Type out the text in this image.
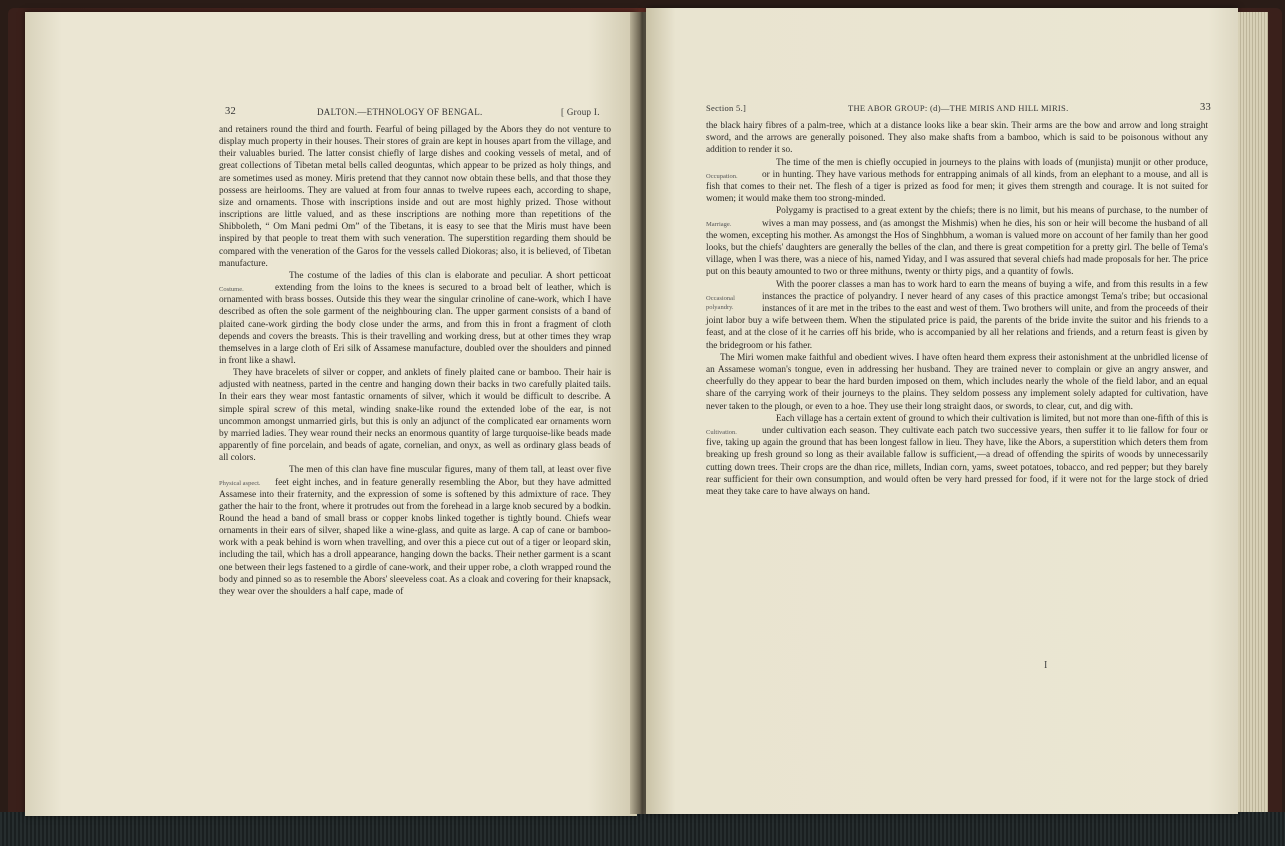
32	DALTON.—ETHNOLOGY OF BENGAL.	[ Group I.

and retainers round the third and fourth. Fearful of being pillaged by the Abors they do not venture to display much property in their houses. Their stores of grain are kept in houses apart from the village, and their valuables buried. The latter consist chiefly of large dishes and cooking vessels of metal, and of great collections of Tibetan metal bells called deoguntas, which appear to be prized as holy things, and are sometimes used as money. Miris pretend that they cannot now obtain these bells, and that those they possess are heirlooms. They are valued at from four annas to twelve rupees each, according to shape, size and ornaments. Those with inscriptions inside and out are most highly prized. Those without inscriptions are little valued, and as these inscriptions are nothing more than repetitions of the Shibboleth, “ Om Mani pedmi Om” of the Tibetans, it is easy to see that the Miris must have been inspired by that people to treat them with such veneration. The superstition regarding them should be compared with the veneration of the Garos for the vessels called Diokoras; also, it is believed, of Tibetan manufacture.

Costume.
The costume of the ladies of this clan is elaborate and peculiar. A short petticoat extending from the loins to the knees is secured to a broad belt of leather, which is ornamented with brass bosses. Outside this they wear the singular crinoline of cane-work, which I have described as often the sole garment of the neighbouring clan. The upper garment consists of a band of plaited cane-work girding the body close under the arms, and from this in front a fragment of cloth depends and covers the breasts. This is their travelling and working dress, but at other times they wrap themselves in a large cloth of Eri silk of Assamese manufacture, doubled over the shoulders and pinned in front like a shawl.

They have bracelets of silver or copper, and anklets of finely plaited cane or bamboo. Their hair is adjusted with neatness, parted in the centre and hanging down their backs in two carefully plaited tails. In their ears they wear most fantastic ornaments of silver, which it would be difficult to describe. A simple spiral screw of this metal, winding snake-like round the extended lobe of the ear, is not uncommon amongst unmarried girls, but this is only an adjunct of the complicated ear ornaments worn by married ladies. They wear round their necks an enormous quantity of large turquoise-like beads made apparently of fine porcelain, and beads of agate, cornelian, and onyx, as well as ordinary glass beads of all colors.

Physical aspect.
The men of this clan have fine muscular figures, many of them tall, at least over five feet eight inches, and in feature generally resembling the Abor, but they have admitted Assamese into their fraternity, and the expression of some is softened by this admixture of race. They gather the hair to the front, where it protrudes out from the forehead in a large knob secured by a bodkin. Round the head a band of small brass or copper knobs linked together is tightly bound. Chiefs wear ornaments in their ears of silver, shaped like a wine-glass, and quite as large. A cap of cane or bamboo-work with a peak behind is worn when travelling, and over this a piece cut out of a tiger or leopard skin, including the tail, which has a droll appearance, hanging down the backs. Their nether garment is a scant one between their legs fastened to a girdle of cane-work, and their upper robe, a cloth wrapped round the body and pinned so as to resemble the Abors' sleeveless coat. As a cloak and covering for their knapsack, they wear over the shoulders a half cape, made of

Section 5.]	THE ABOR GROUP: (d)—THE MIRIS AND HILL MIRIS.	33

the black hairy fibres of a palm-tree, which at a distance looks like a bear skin. Their arms are the bow and arrow and long straight sword, and the arrows are generally poisoned. They also make shafts from a bamboo, which is said to be poisonous without any addition to render it so.

Occupation.
The time of the men is chiefly occupied in journeys to the plains with loads of (munjista) munjit or other produce, or in hunting. They have various methods for entrapping animals of all kinds, from an elephant to a mouse, and all is fish that comes to their net. The flesh of a tiger is prized as food for men; it gives them strength and courage. It is not suited for women; it would make them too strong-minded.

Marriage.
Polygamy is practised to a great extent by the chiefs; there is no limit, but his means of purchase, to the number of wives a man may possess, and (as amongst the Mishmis) when he dies, his son or heir will become the husband of all the women, excepting his mother. As amongst the Hos of Singhbhum, a woman is valued more on account of her family than her good looks, but the chiefs' daughters are generally the belles of the clan, and there is great competition for a pretty girl. The belle of Tema's village, when I was there, was a niece of his, named Yiday, and I was assured that several chiefs had made proposals for her. The price put on this beauty amounted to two or three mithuns, twenty or thirty pigs, and a quantity of fowls.

Occasional polyandry.
With the poorer classes a man has to work hard to earn the means of buying a wife, and from this results in a few instances the practice of polyandry. I never heard of any cases of this practice amongst Tema's tribe; but occasional instances of it are met in the tribes to the east and west of them. Two brothers will unite, and from the proceeds of their joint labor buy a wife between them. When the stipulated price is paid, the parents of the bride invite the suitor and his friends to a feast, and at the close of it he carries off his bride, who is accompanied by all her relations and friends, and a return feast is given by the bridegroom or his father.

The Miri women make faithful and obedient wives. I have often heard them express their astonishment at the unbridled license of an Assamese woman's tongue, even in addressing her husband. They are trained never to complain or give an angry answer, and cheerfully do they appear to bear the hard burden imposed on them, which includes nearly the whole of the field labor, and an equal share of the carrying work of their journeys to the plains. They seldom possess any implement solely adapted for cultivation, have never taken to the plough, or even to a hoe. They use their long straight daos, or swords, to clear, cut, and dig with.

Cultivation.
Each village has a certain extent of ground to which their cultivation is limited, but not more than one-fifth of this is under cultivation each season. They cultivate each patch two successive years, then suffer it to lie fallow for four or five, taking up again the ground that has been longest fallow in lieu. They have, like the Abors, a superstition which deters them from breaking up fresh ground so long as their available fallow is sufficient,—a dread of offending the spirits of woods by unnecessarily cutting down trees. Their crops are the dhan rice, millets, Indian corn, yams, sweet potatoes, tobacco, and red pepper; but they barely rear sufficient for their own consumption, and would often be very hard pressed for food, if it were not for the large stock of dried meat they take care to have always on hand.

I
